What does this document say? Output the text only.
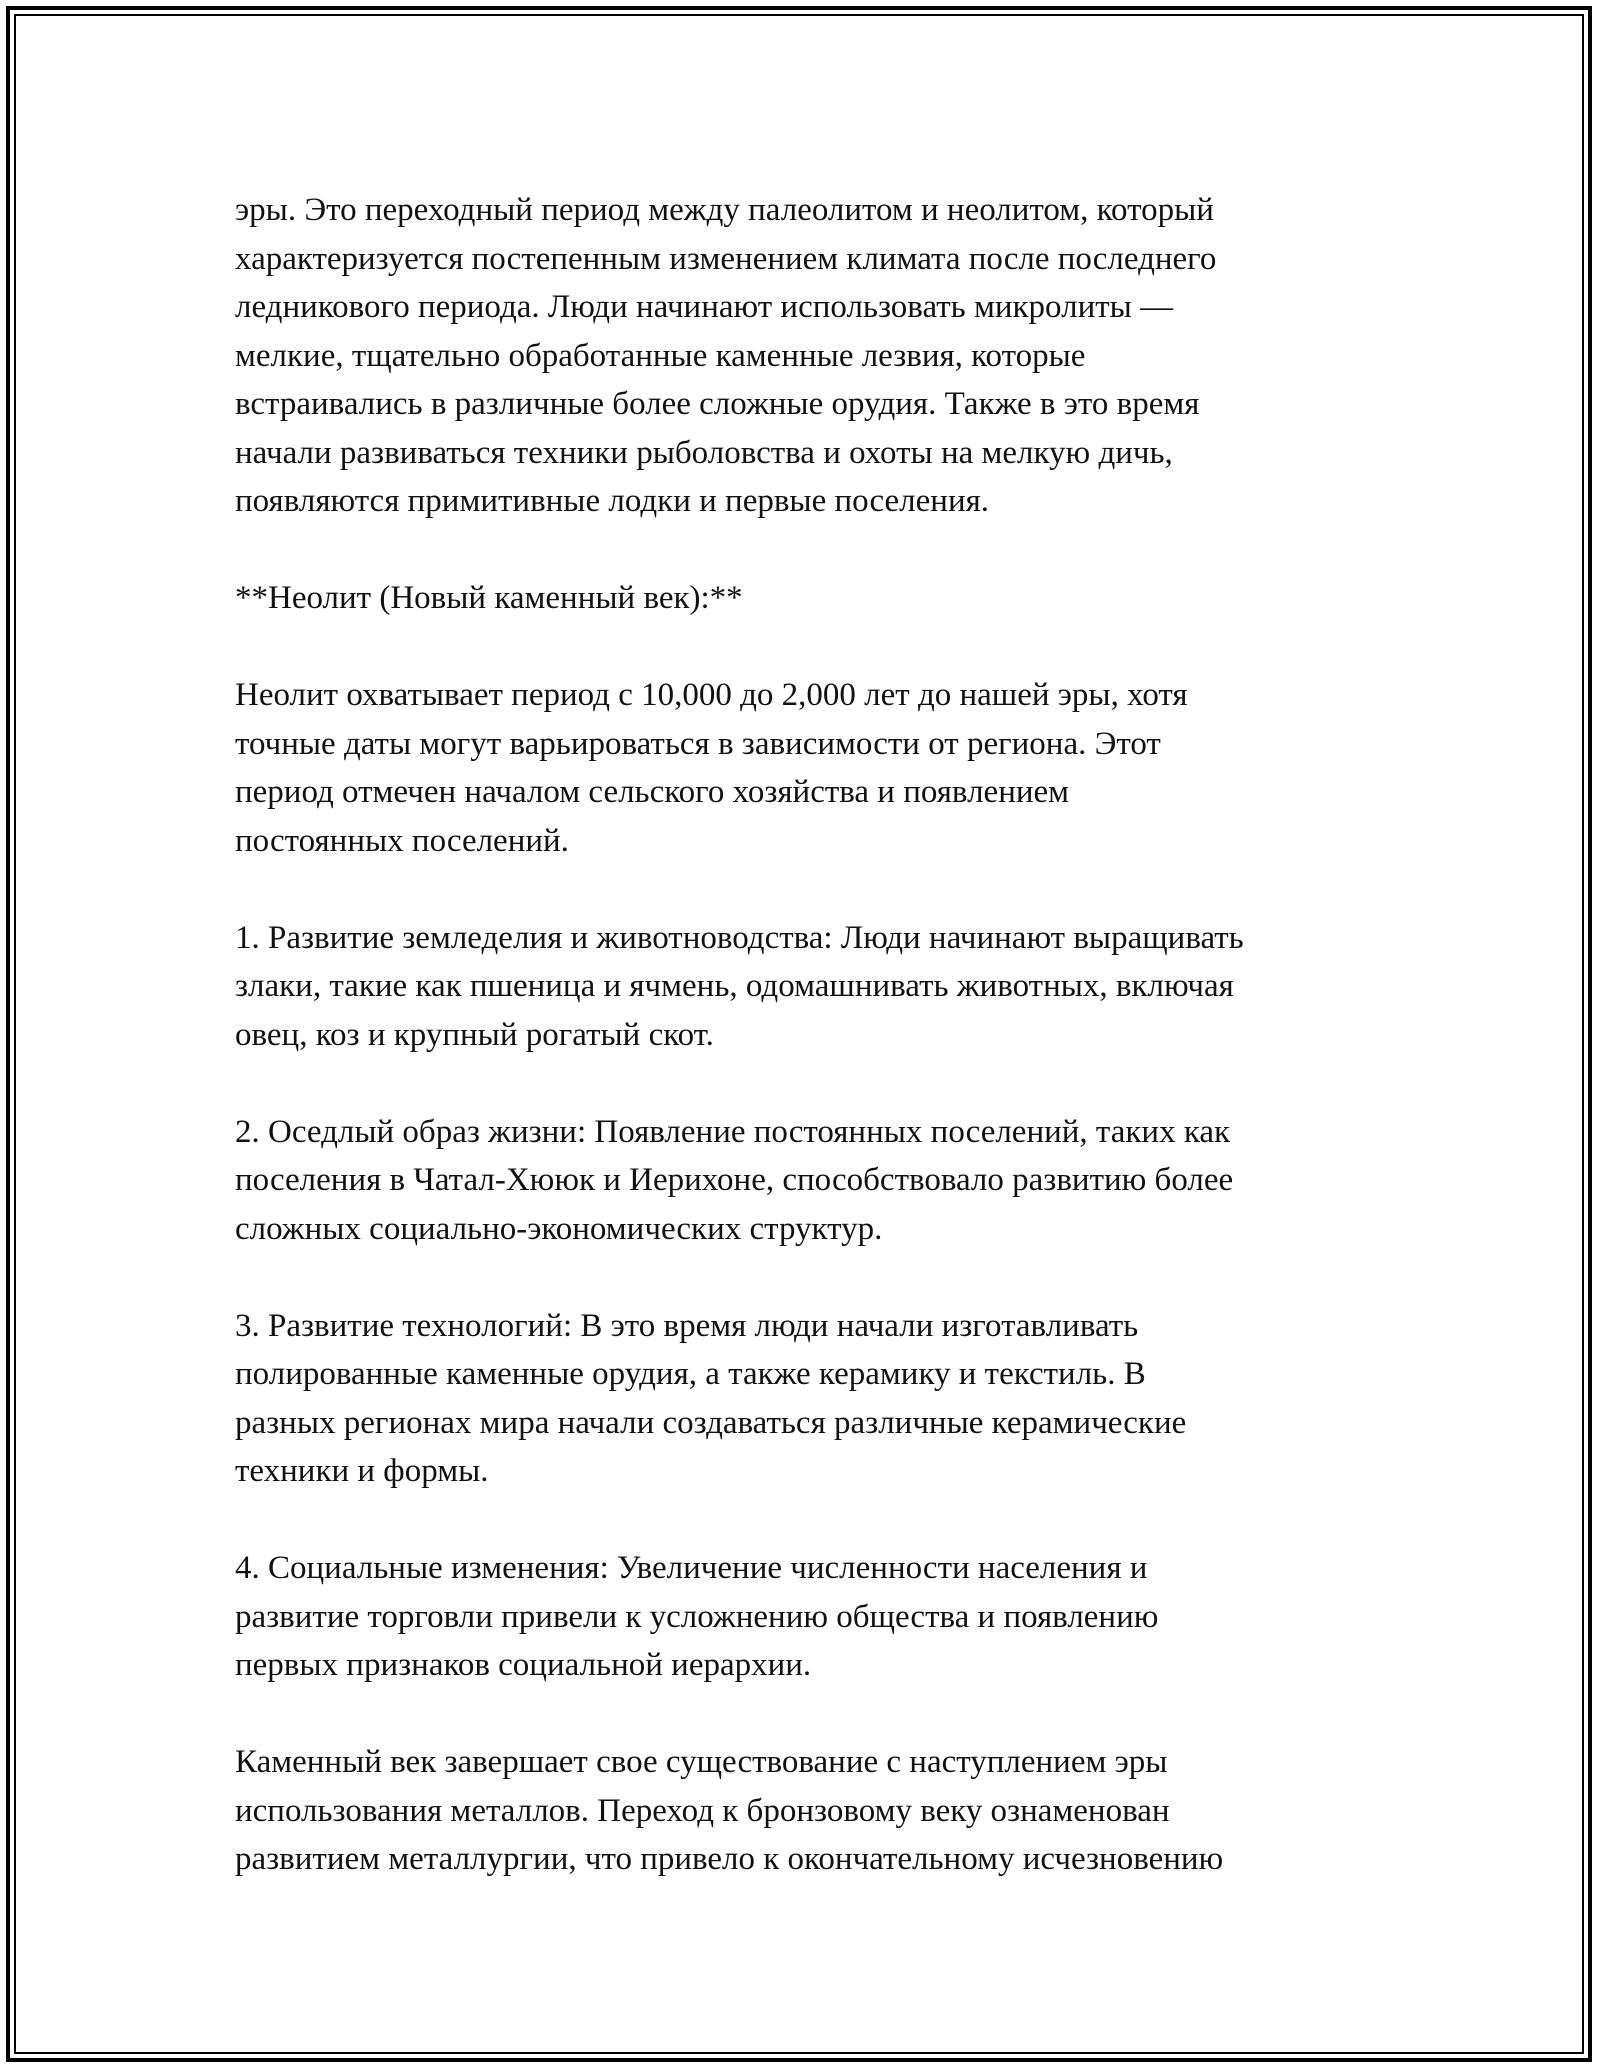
эры. Это переходный период между палеолитом и неолитом, который
характеризуется постепенным изменением климата после последнего
ледникового периода. Люди начинают использовать микролиты —
мелкие, тщательно обработанные каменные лезвия, которые
встраивались в различные более сложные орудия. Также в это время
начали развиваться техники рыболовства и охоты на мелкую дичь,
появляются примитивные лодки и первые поселения.

**Неолит (Новый каменный век):**

Неолит охватывает период с 10,000 до 2,000 лет до нашей эры, хотя
точные даты могут варьироваться в зависимости от региона. Этот
период отмечен началом сельского хозяйства и появлением
постоянных поселений.

1. Развитие земледелия и животноводства: Люди начинают выращивать
злаки, такие как пшеница и ячмень, одомашнивать животных, включая
овец, коз и крупный рогатый скот.

2. Оседлый образ жизни: Появление постоянных поселений, таких как
поселения в Чатал-Хююк и Иерихоне, способствовало развитию более
сложных социально-экономических структур.

3. Развитие технологий: В это время люди начали изготавливать
полированные каменные орудия, а также керамику и текстиль. В
разных регионах мира начали создаваться различные керамические
техники и формы.

4. Социальные изменения: Увеличение численности населения и
развитие торговли привели к усложнению общества и появлению
первых признаков социальной иерархии.

Каменный век завершает свое существование с наступлением эры
использования металлов. Переход к бронзовому веку ознаменован
развитием металлургии, что привело к окончательному исчезновению
